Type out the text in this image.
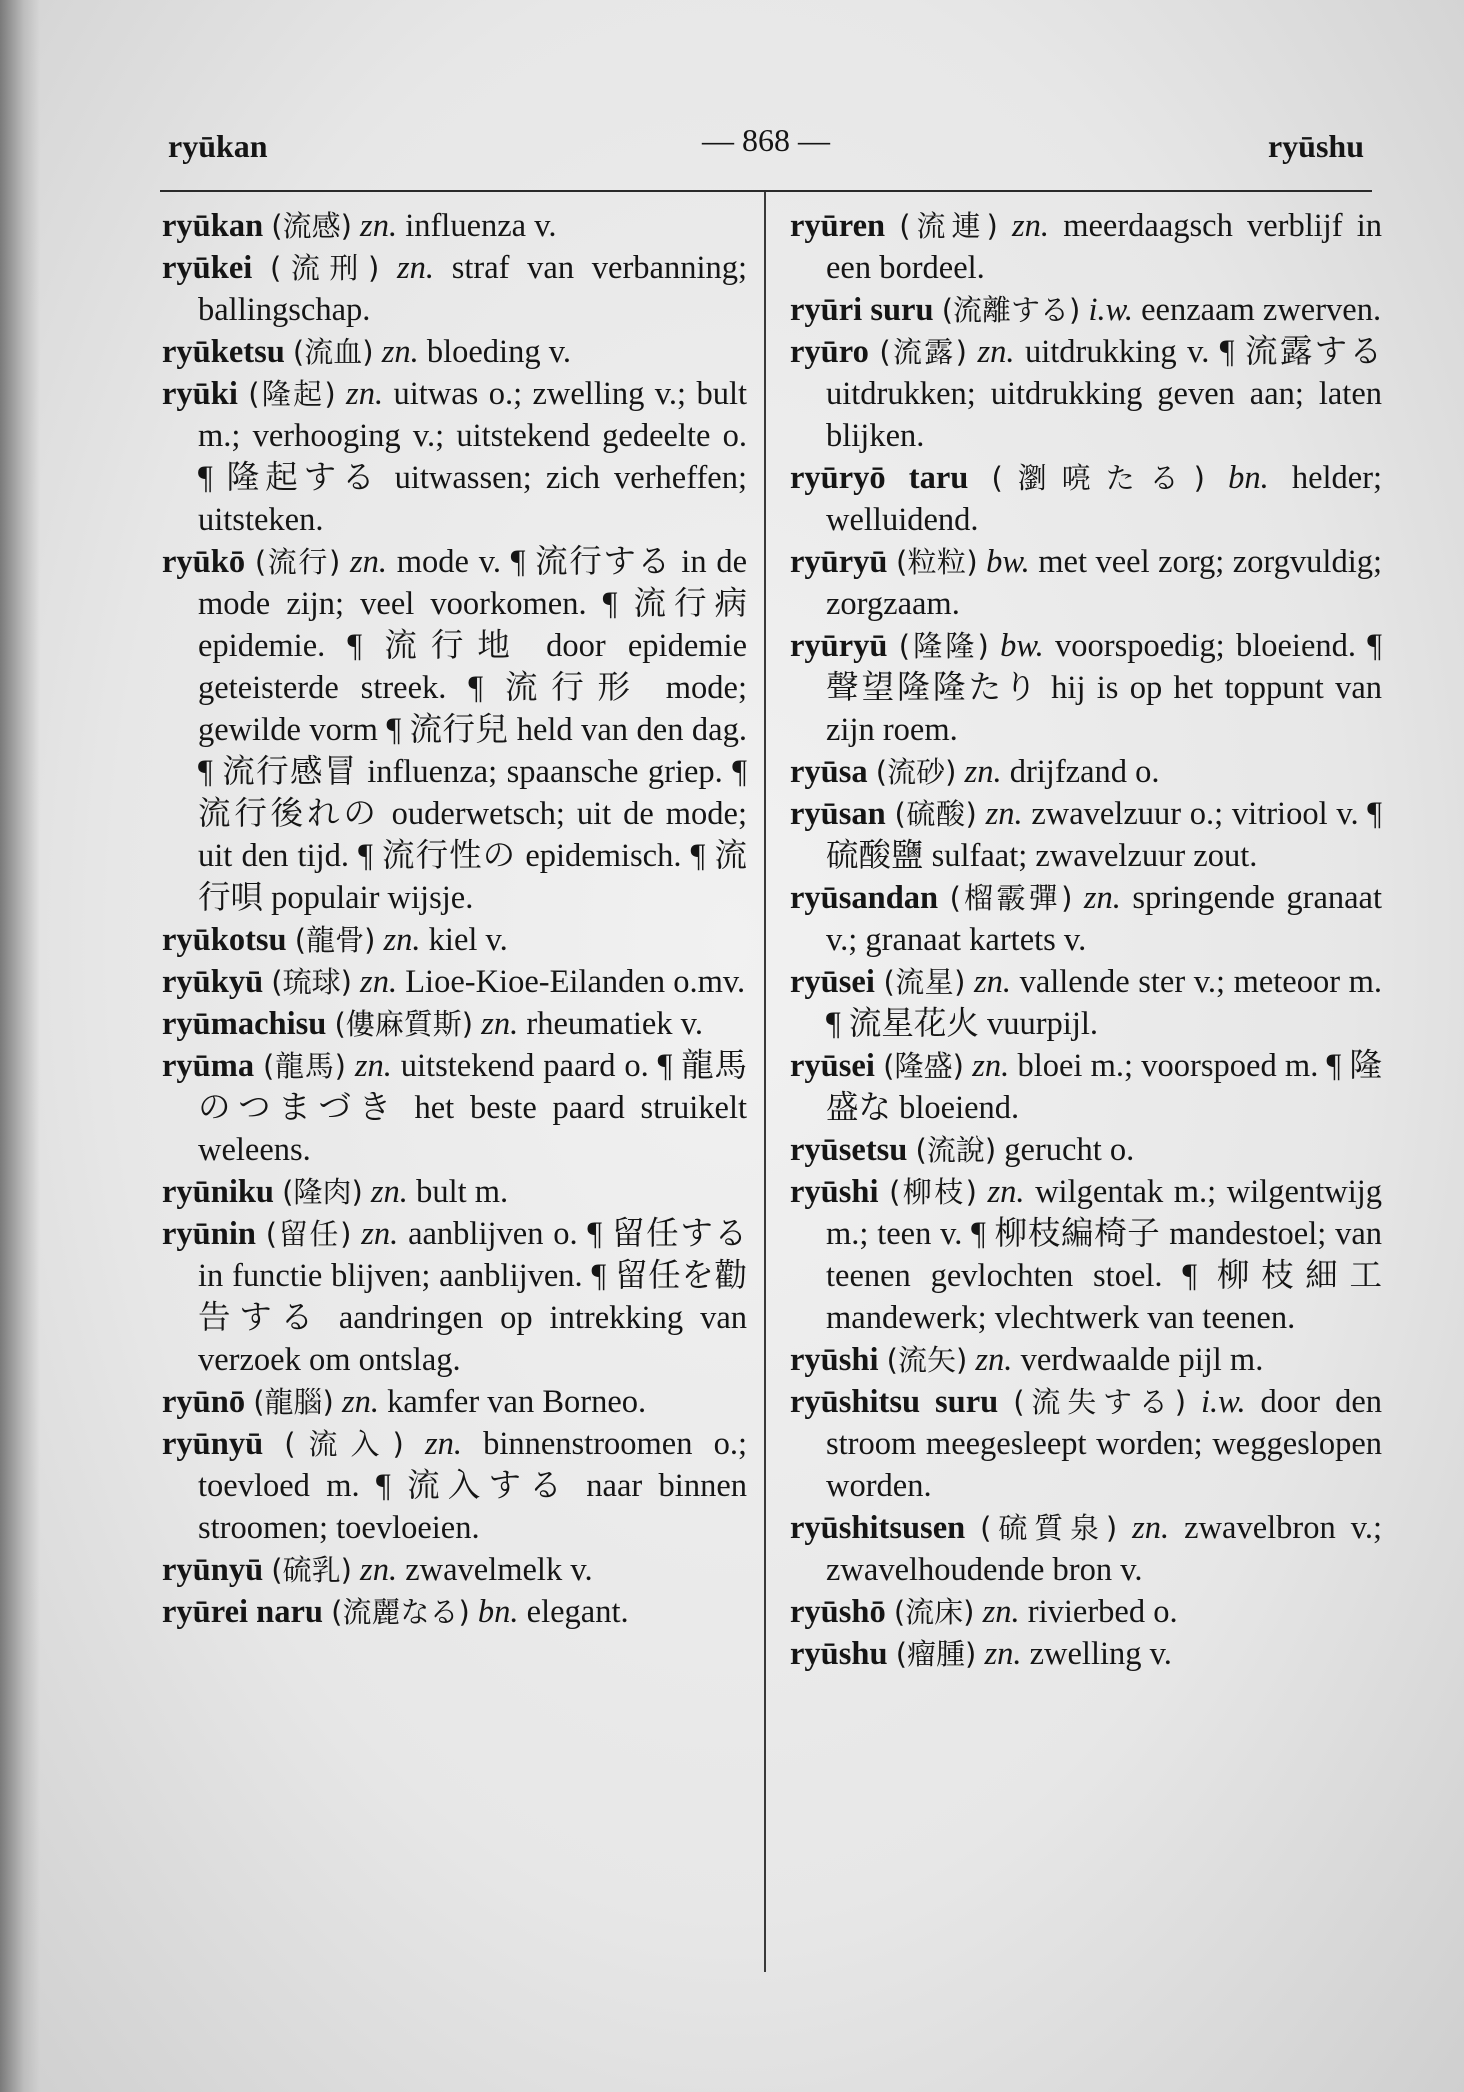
ryūkan	— 868 —	ryūshu

ryūkan (流感) zn. influenza v.

ryūkei (流刑) zn. straf van verbanning; ballingschap.

ryūketsu (流血) zn. bloeding v.

ryūki (隆起) zn. uitwas o.; zwelling v.; bult m.; verhooging v.; uitstekend gedeelte o. ¶ 隆起する uitwassen; zich verheffen; uitsteken.

ryūkō (流行) zn. mode v. ¶ 流行する in de mode zijn; veel voorkomen. ¶ 流行病 epidemie. ¶ 流行地 door epidemie geteisterde streek. ¶ 流行形 mode; gewilde vorm ¶ 流行兒 held van den dag. ¶ 流行感冒 influenza; spaansche griep. ¶ 流行後れの ouderwetsch; uit de mode; uit den tijd. ¶ 流行性の epidemisch. ¶ 流行唄 populair wijsje.

ryūkotsu (龍骨) zn. kiel v.

ryūkyū (琉球) zn. Lioe-Kioe-Eilanden o.mv.

ryūmachisu (僂麻質斯) zn. rheumatiek v.

ryūma (龍馬) zn. uitstekend paard o. ¶ 龍馬のつまづき het beste paard struikelt weleens.

ryūniku (隆肉) zn. bult m.

ryūnin (留任) zn. aanblijven o. ¶ 留任する in functie blijven; aanblijven. ¶ 留任を勸告する aandringen op intrekking van verzoek om ontslag.

ryūnō (龍腦) zn. kamfer van Borneo.

ryūnyū (流入) zn. binnenstroomen o.; toevloed m. ¶ 流入する naar binnen stroomen; toevloeien.

ryūnyū (硫乳) zn. zwavelmelk v.

ryūrei naru (流麗なる) bn. elegant.

ryūren (流連) zn. meerdaagsch verblijf in een bordeel.

ryūri suru (流離する) i.w. eenzaam zwerven.

ryūro (流露) zn. uitdrukking v. ¶ 流露する uitdrukken; uitdrukking geven aan; laten blijken.

ryūryō taru (瀏喨たる) bn. helder; welluidend.

ryūryū (粒粒) bw. met veel zorg; zorgvuldig; zorgzaam.

ryūryū (隆隆) bw. voorspoedig; bloeiend. ¶ 聲望隆隆たり hij is op het toppunt van zijn roem.

ryūsa (流砂) zn. drijfzand o.

ryūsan (硫酸) zn. zwavelzuur o.; vitriool v. ¶ 硫酸鹽 sulfaat; zwavelzuur zout.

ryūsandan (榴霰彈) zn. springende granaat v.; granaat kartets v.

ryūsei (流星) zn. vallende ster v.; meteoor m. ¶ 流星花火 vuurpijl.

ryūsei (隆盛) zn. bloei m.; voorspoed m. ¶ 隆盛な bloeiend.

ryūsetsu (流說) gerucht o.

ryūshi (柳枝) zn. wilgentak m.; wilgentwijg m.; teen v. ¶ 柳枝編椅子 mandestoel; van teenen gevlochten stoel. ¶ 柳枝細工 mandewerk; vlechtwerk van teenen.

ryūshi (流矢) zn. verdwaalde pijl m.

ryūshitsu suru (流失する) i.w. door den stroom meegesleept worden; weggeslopen worden.

ryūshitsusen (硫質泉) zn. zwavelbron v.; zwavelhoudende bron v.

ryūshō (流床) zn. rivierbed o.

ryūshu (瘤腫) zn. zwelling v.
